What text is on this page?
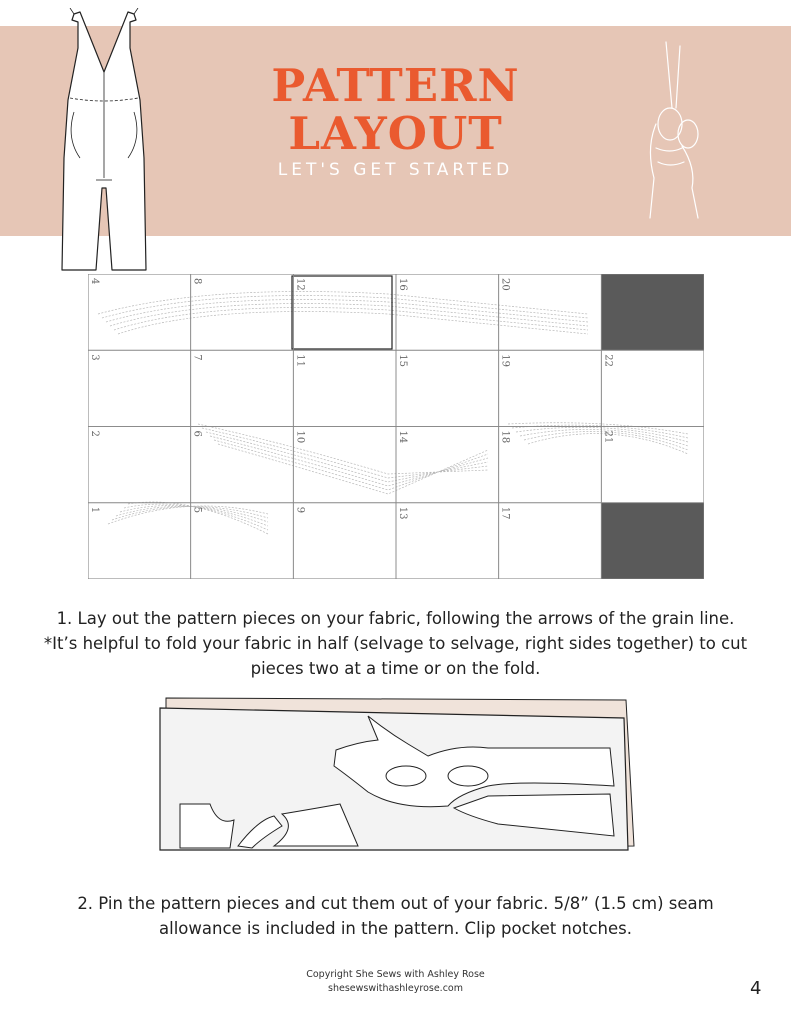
PATTERN
LAYOUT
LET'S GET STARTED
4
3
2
1
8
7
6
5
12
11
10
9
16
15
14
13
20
19
18
17
22
21
1. Lay out the pattern pieces on your fabric, following the arrows of the grain line. *It’s helpful to fold your fabric in half (selvage to selvage, right sides together) to cut pieces two at a time or on the fold.
2. Pin the pattern pieces and cut them out of your fabric. 5/8” (1.5 cm) seam allowance is included in the pattern. Clip pocket notches.
Copyright She Sews with Ashley Rose
shesewswithashleyrose.com	4
